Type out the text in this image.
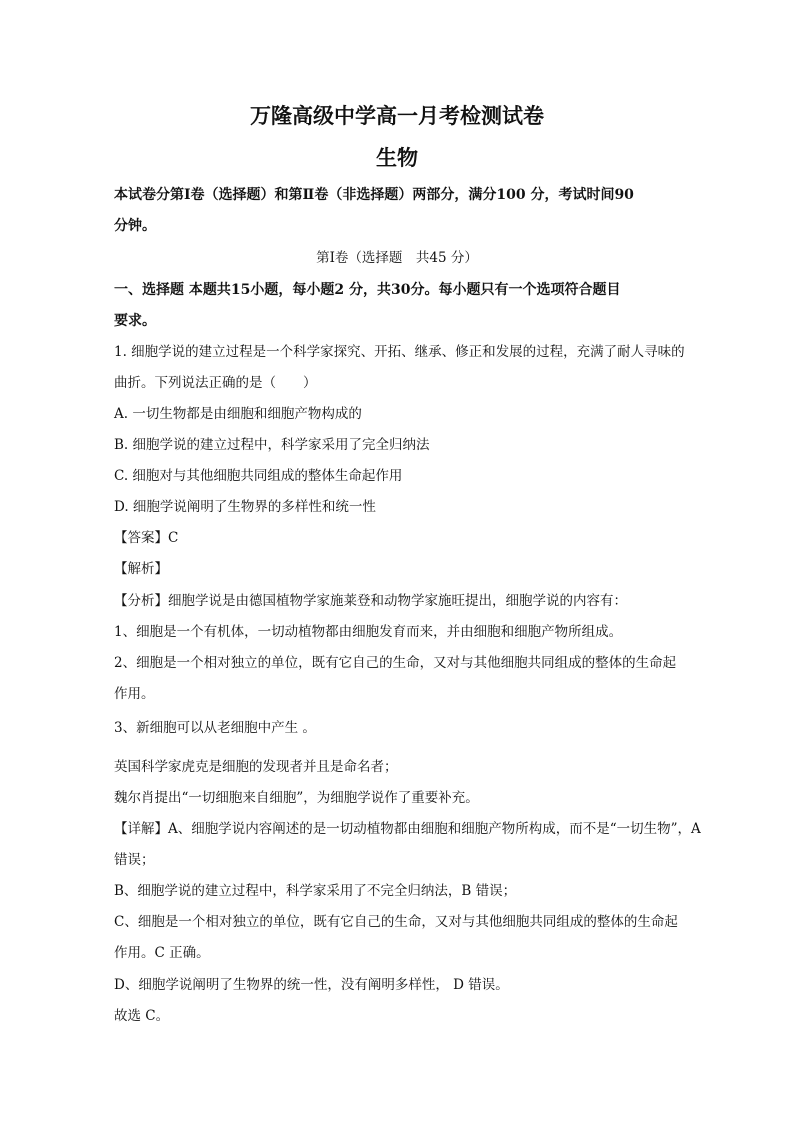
万隆高级中学高一月考检测试卷
生物
本试卷分第Ⅰ卷（选择题）和第Ⅱ卷（非选择题）两部分，满分100 分，考试时间90
分钟。
第Ⅰ卷（选择题　共45 分）
一、选择题 本题共15小题，每小题2 分，共30分。每小题只有一个选项符合题目
要求。
1. 细胞学说的建立过程是一个科学家探究、开拓、继承、修正和发展的过程，充满了耐人寻味的
曲折。下列说法正确的是（　　）
A. 一切生物都是由细胞和细胞产物构成的
B. 细胞学说的建立过程中，科学家采用了完全归纳法
C. 细胞对与其他细胞共同组成的整体生命起作用
D. 细胞学说阐明了生物界的多样性和统一性
【答案】C
【解析】
【分析】细胞学说是由德国植物学家施莱登和动物学家施旺提出，细胞学说的内容有：
1、细胞是一个有机体，一切动植物都由细胞发育而来，并由细胞和细胞产物所组成。
2、细胞是一个相对独立的单位，既有它自己的生命，又对与其他细胞共同组成的整体的生命起
作用。
3、新细胞可以从老细胞中产生 。
英国科学家虎克是细胞的发现者并且是命名者；
魏尔肖提出“一切细胞来自细胞”，为细胞学说作了重要补充。
【详解】A、细胞学说内容阐述的是一切动植物都由细胞和细胞产物所构成，而不是“一切生物”，A
错误；
B、细胞学说的建立过程中，科学家采用了不完全归纳法，B 错误；
C、细胞是一个相对独立的单位，既有它自己的生命，又对与其他细胞共同组成的整体的生命起
作用。C 正确。
D、细胞学说阐明了生物界的统一性，没有阐明多样性， D 错误。
故选 C。
